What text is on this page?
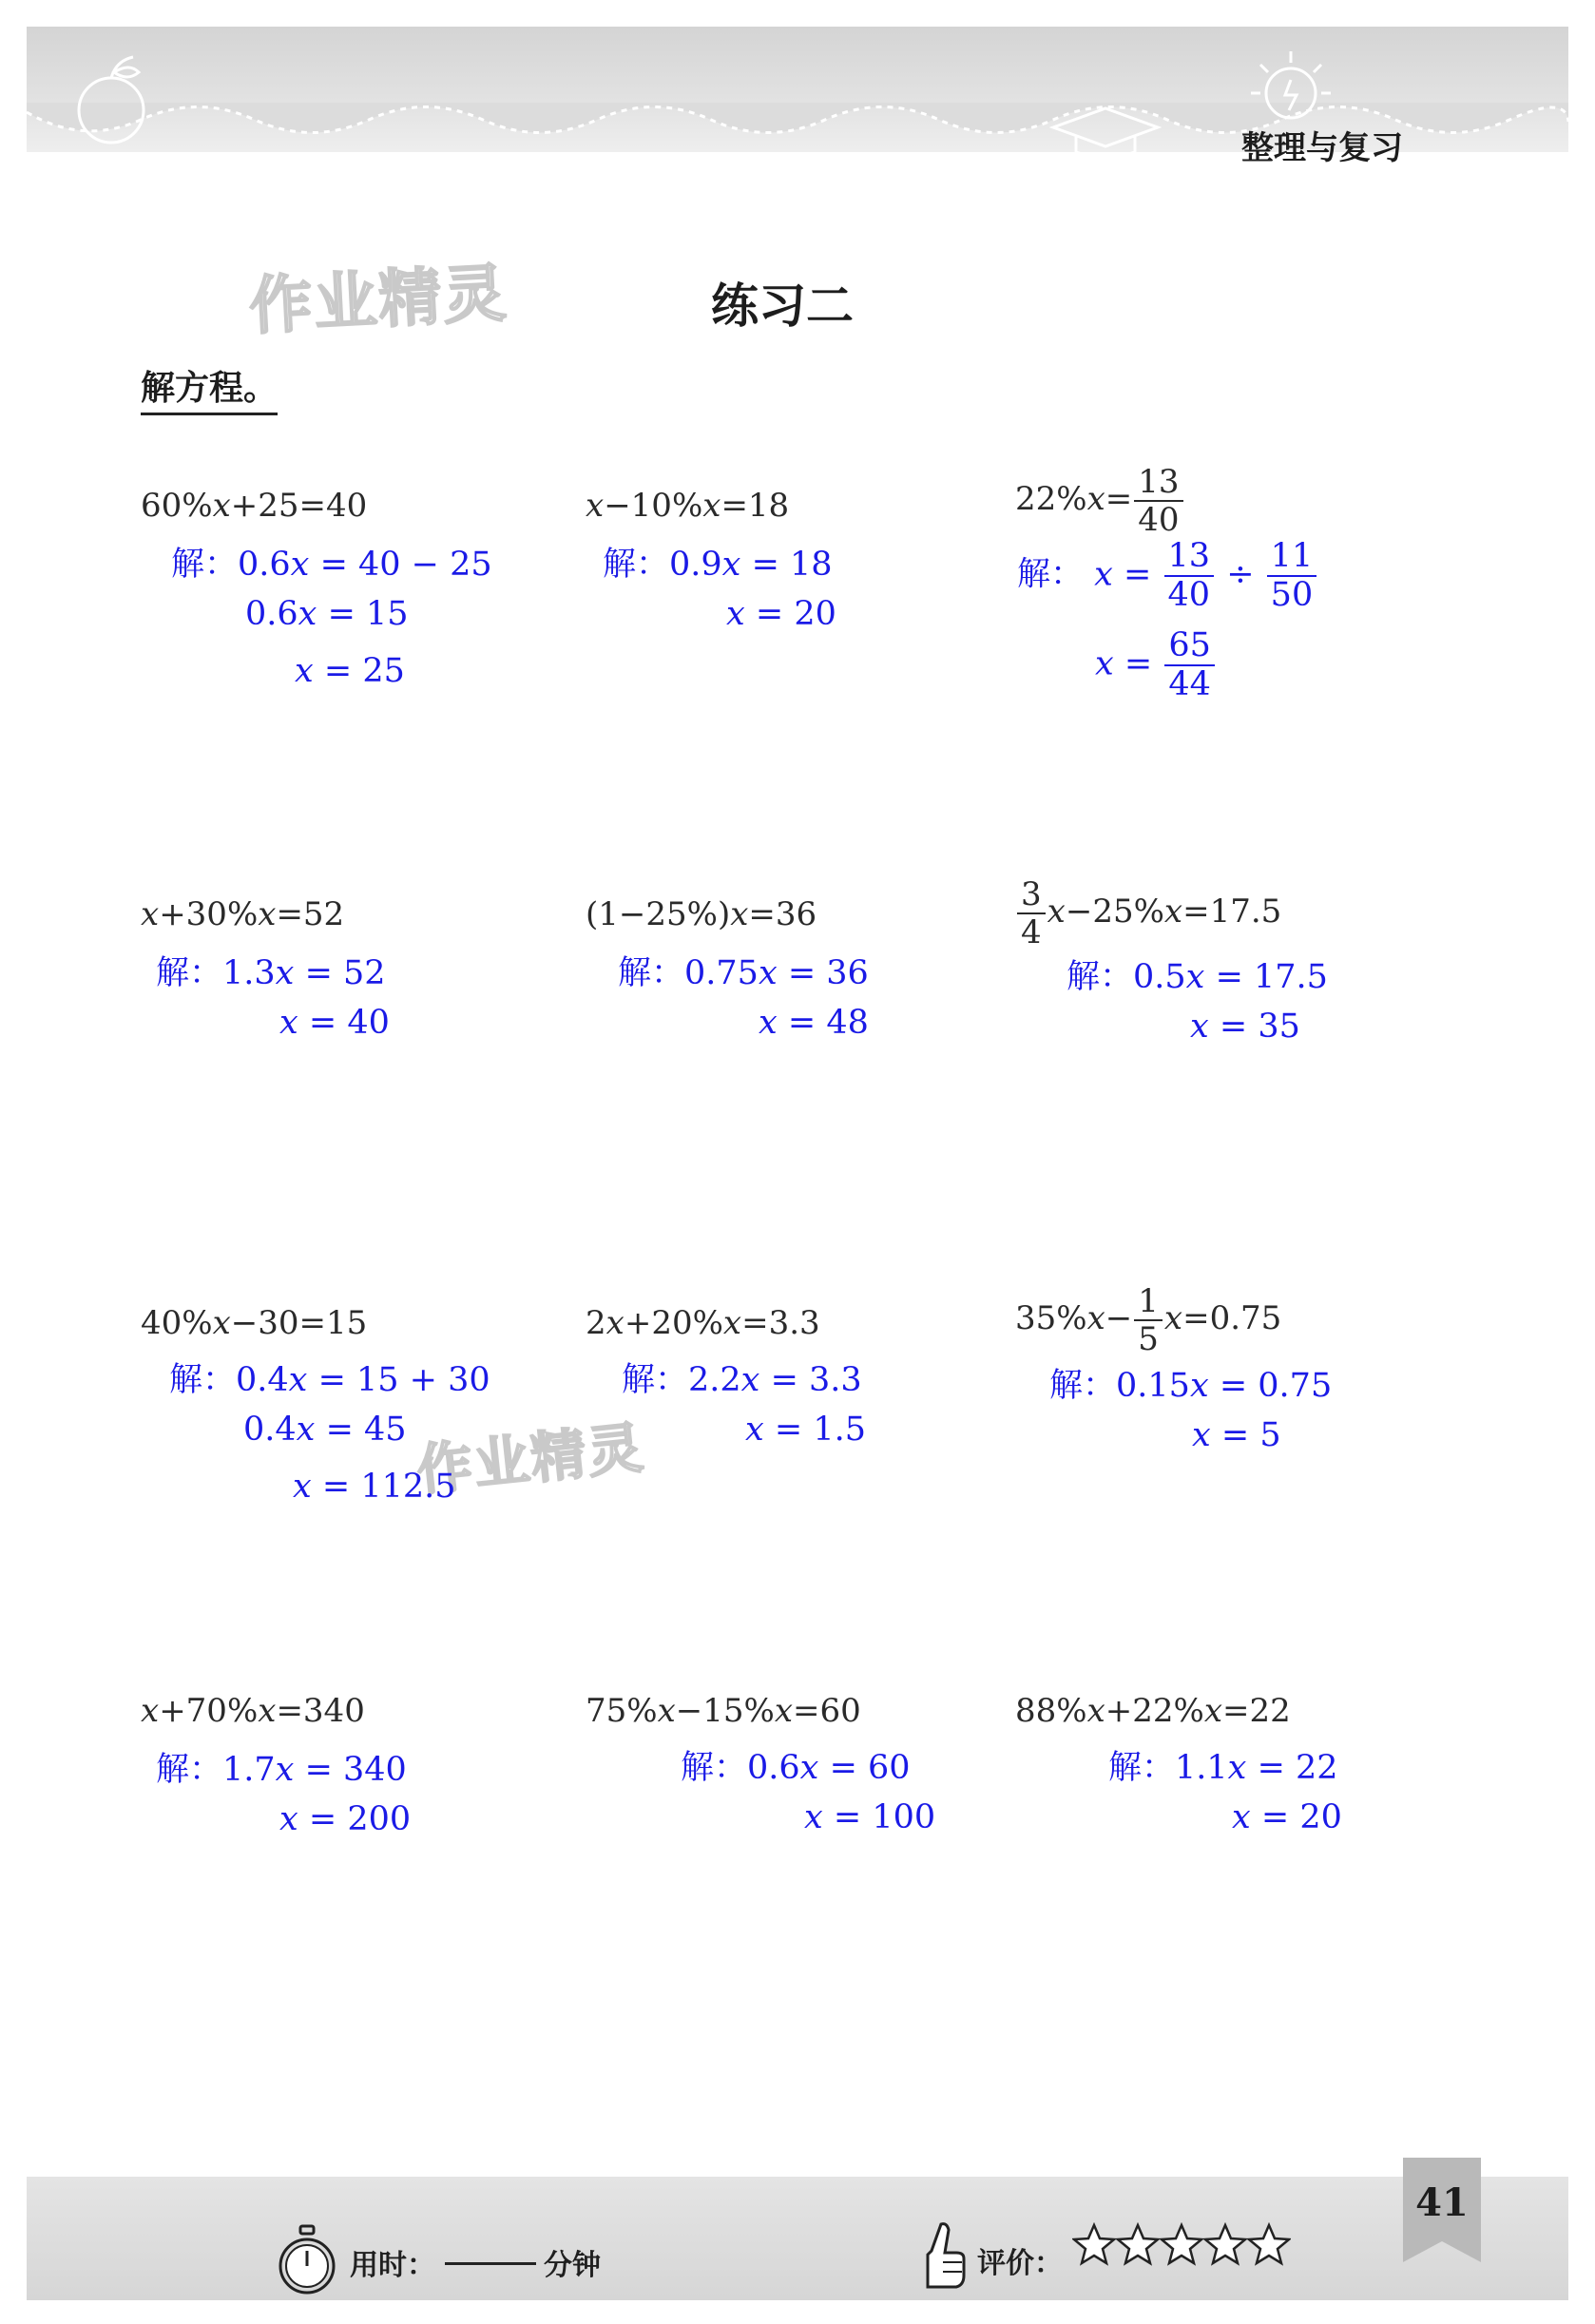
整理与复习
作业精灵
作业精灵
练习二
解方程。
60%x+25=40
解：0.6x = 40 − 25
0.6x = 15
x = 25
x−10%x=18
解：0.9x = 18
x = 20
$22\%x= \frac{13}{40}$
解： $x = \frac{13}{40} \div \frac{11}{50}$
$x = \frac{65}{44}$
x+30%x=52
解：1.3x = 52
x = 40
(1−25%)x=36
解：0.75x = 36
x = 48
$\frac{3}{4} x-25\%x=17.5$
解：0.5x = 17.5
x = 35
40%x−30=15
解：0.4x = 15 + 30
0.4x = 45
x = 112.5
2x+20%x=3.3
解：2.2x = 3.3
x = 1.5
$35\%x- \frac{1}{5} x=0.75$
解：0.15x = 0.75
x = 5
x+70%x=340
解：1.7x = 340
x = 200
75%x−15%x=60
解：0.6x = 60
x = 100
88%x+22%x=22
解：1.1x = 22
x = 20
41
用时：	分钟	评价：
